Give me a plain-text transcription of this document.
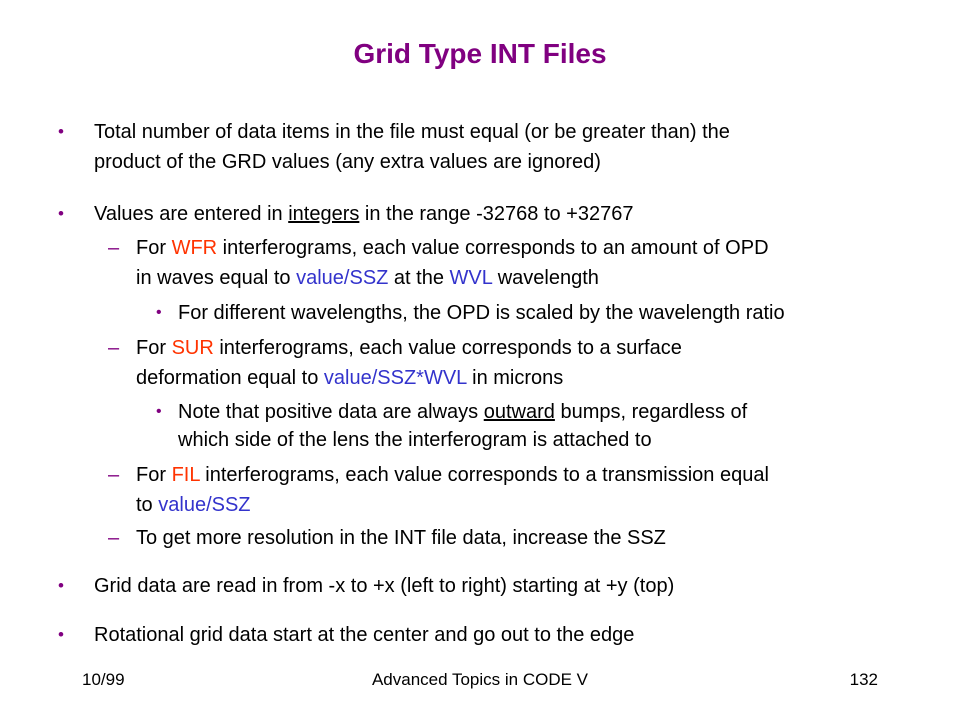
Grid Type INT Files
• Total number of data items in the file must equal (or be greater than) the
product of the GRD values (any extra values are ignored)
• Values are entered in integers in the range -32768 to +32767
– For WFR interferograms, each value corresponds to an amount of OPD
in waves equal to value/SSZ at the WVL wavelength
• For different wavelengths, the OPD is scaled by the wavelength ratio
– For SUR interferograms, each value corresponds to a surface
deformation equal to value/SSZ*WVL in microns
• Note that positive data are always outward bumps, regardless of
which side of the lens the interferogram is attached to
– For FIL interferograms, each value corresponds to a transmission equal
to value/SSZ
– To get more resolution in the INT file data, increase the SSZ
• Grid data are read in from -x to +x (left to right) starting at +y (top)
• Rotational grid data start at the center and go out to the edge
10/99	Advanced Topics in CODE V	132
